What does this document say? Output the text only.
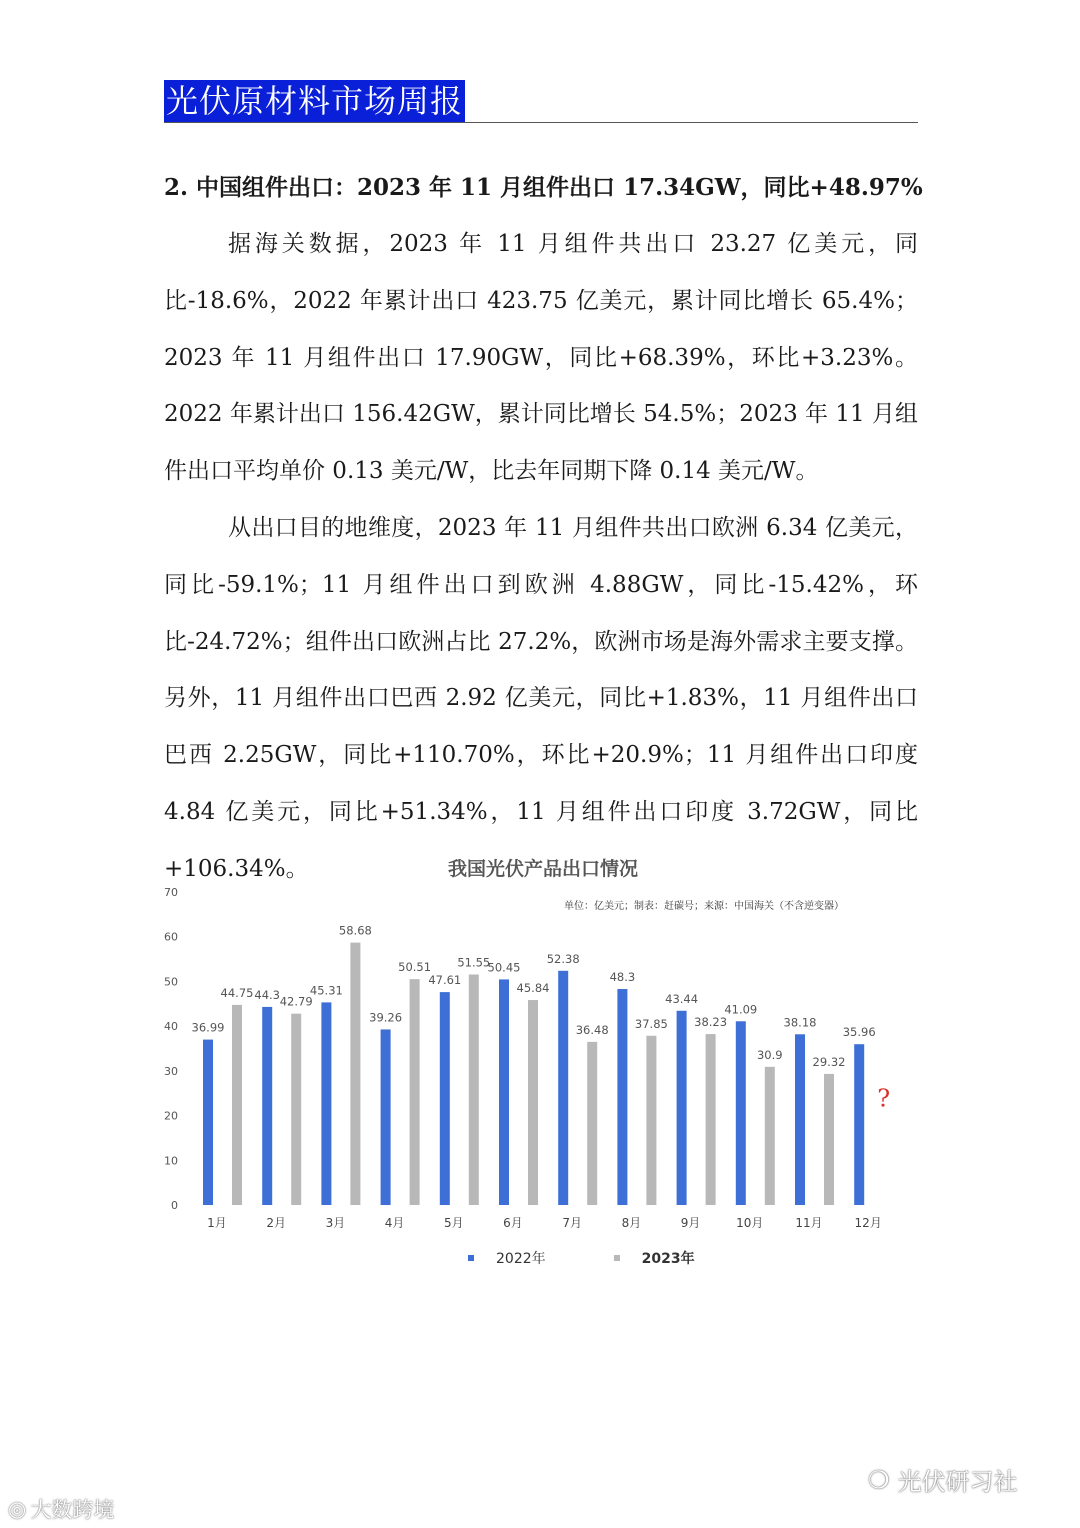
光伏原材料市场周报
2. 中国组件出口：2023 年 11 月组件出口 17.34GW，同比+48.97%

据海关数据，2023 年 11 月组件共出口 23.27 亿美元，同比-18.6%，2022 年累计出口 423.75 亿美元，累计同比增长 65.4%；2023 年 11 月组件出口 17.90GW，同比+68.39%，环比+3.23%。2022 年累计出口 156.42GW，累计同比增长 54.5%；2023 年 11 月组件出口平均单价 0.13 美元/W，比去年同期下降 0.14 美元/W。

从出口目的地维度，2023 年 11 月组件共出口欧洲 6.34 亿美元，同比-59.1%；11 月组件出口到欧洲 4.88GW，同比-15.42%，环比-24.72%；组件出口欧洲占比 27.2%，欧洲市场是海外需求主要支撑。另外，11 月组件出口巴西 2.92 亿美元，同比+1.83%，11 月组件出口巴西 2.25GW，同比+110.70%，环比+20.9%；11 月组件出口印度 4.84 亿美元，同比+51.34%，11 月组件出口印度 3.72GW，同比+106.34%。	我国光伏产品出口情况
单位：亿美元；制表：赶碳号；来源：中国海关（不含逆变器）
0
10
20
30
40
50
60
70
36.99
44.3	45.31
39.26
47.61
50.45
52.38
48.3
43.44
41.09
38.18
35.96
44.75
42.79
58.68
50.51 51.55
45.84
36.48 37.85 38.23
30.9
29.32
1月	2月	3月	4月	5月	6月	7月	8月	9月	10月	11月	12月
?
2022年	2023年
◎ 大数跨境
❍ 光伏研习社
